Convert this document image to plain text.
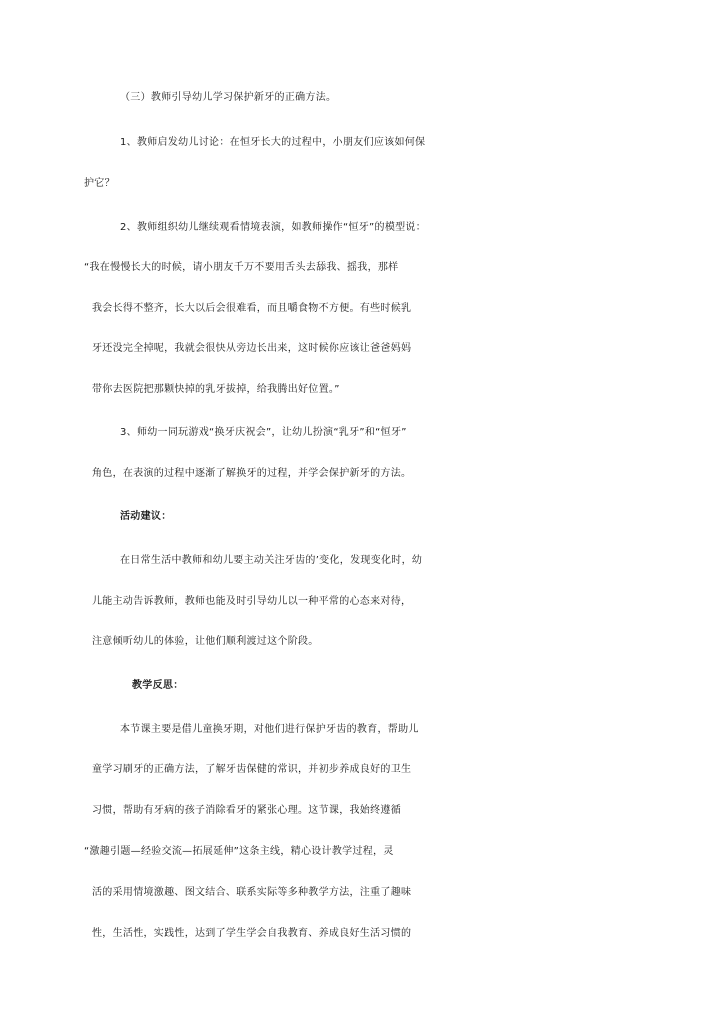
（三）教师引导幼儿学习保护新牙的正确方法。
1、教师启发幼儿讨论：在恒牙长大的过程中，小朋友们应该如何保
护它？
2、教师组织幼儿继续观看情境表演，如教师操作“恒牙”的模型说：
“我在慢慢长大的时候，请小朋友千万不要用舌头去舔我、摇我，那样
我会长得不整齐，长大以后会很难看，而且嚼食物不方便。有些时候乳
牙还没完全掉呢，我就会很快从旁边长出来，这时候你应该让爸爸妈妈
带你去医院把那颗快掉的乳牙拔掉，给我腾出好位置。”
3、师幼一同玩游戏“换牙庆祝会”，让幼儿扮演“乳牙”和“恒牙”
角色，在表演的过程中逐渐了解换牙的过程，并学会保护新牙的方法。
活动建议：
在日常生活中教师和幼儿要主动关注牙齿的’变化，发现变化时，幼
儿能主动告诉教师，教师也能及时引导幼儿以一种平常的心态来对待，
注意倾听幼儿的体验，让他们顺利渡过这个阶段。
教学反思：
本节课主要是借儿童换牙期，对他们进行保护牙齿的教育，帮助儿
童学习刷牙的正确方法，了解牙齿保健的常识，并初步养成良好的卫生
习惯，帮助有牙病的孩子消除看牙的紧张心理。这节课，我始终遵循
“激趣引题—经验交流—拓展延伸”这条主线，精心设计教学过程，灵
活的采用情境激趣、图文结合、联系实际等多种教学方法，注重了趣味
性，生活性，实践性，达到了学生学会自我教育、养成良好生活习惯的
